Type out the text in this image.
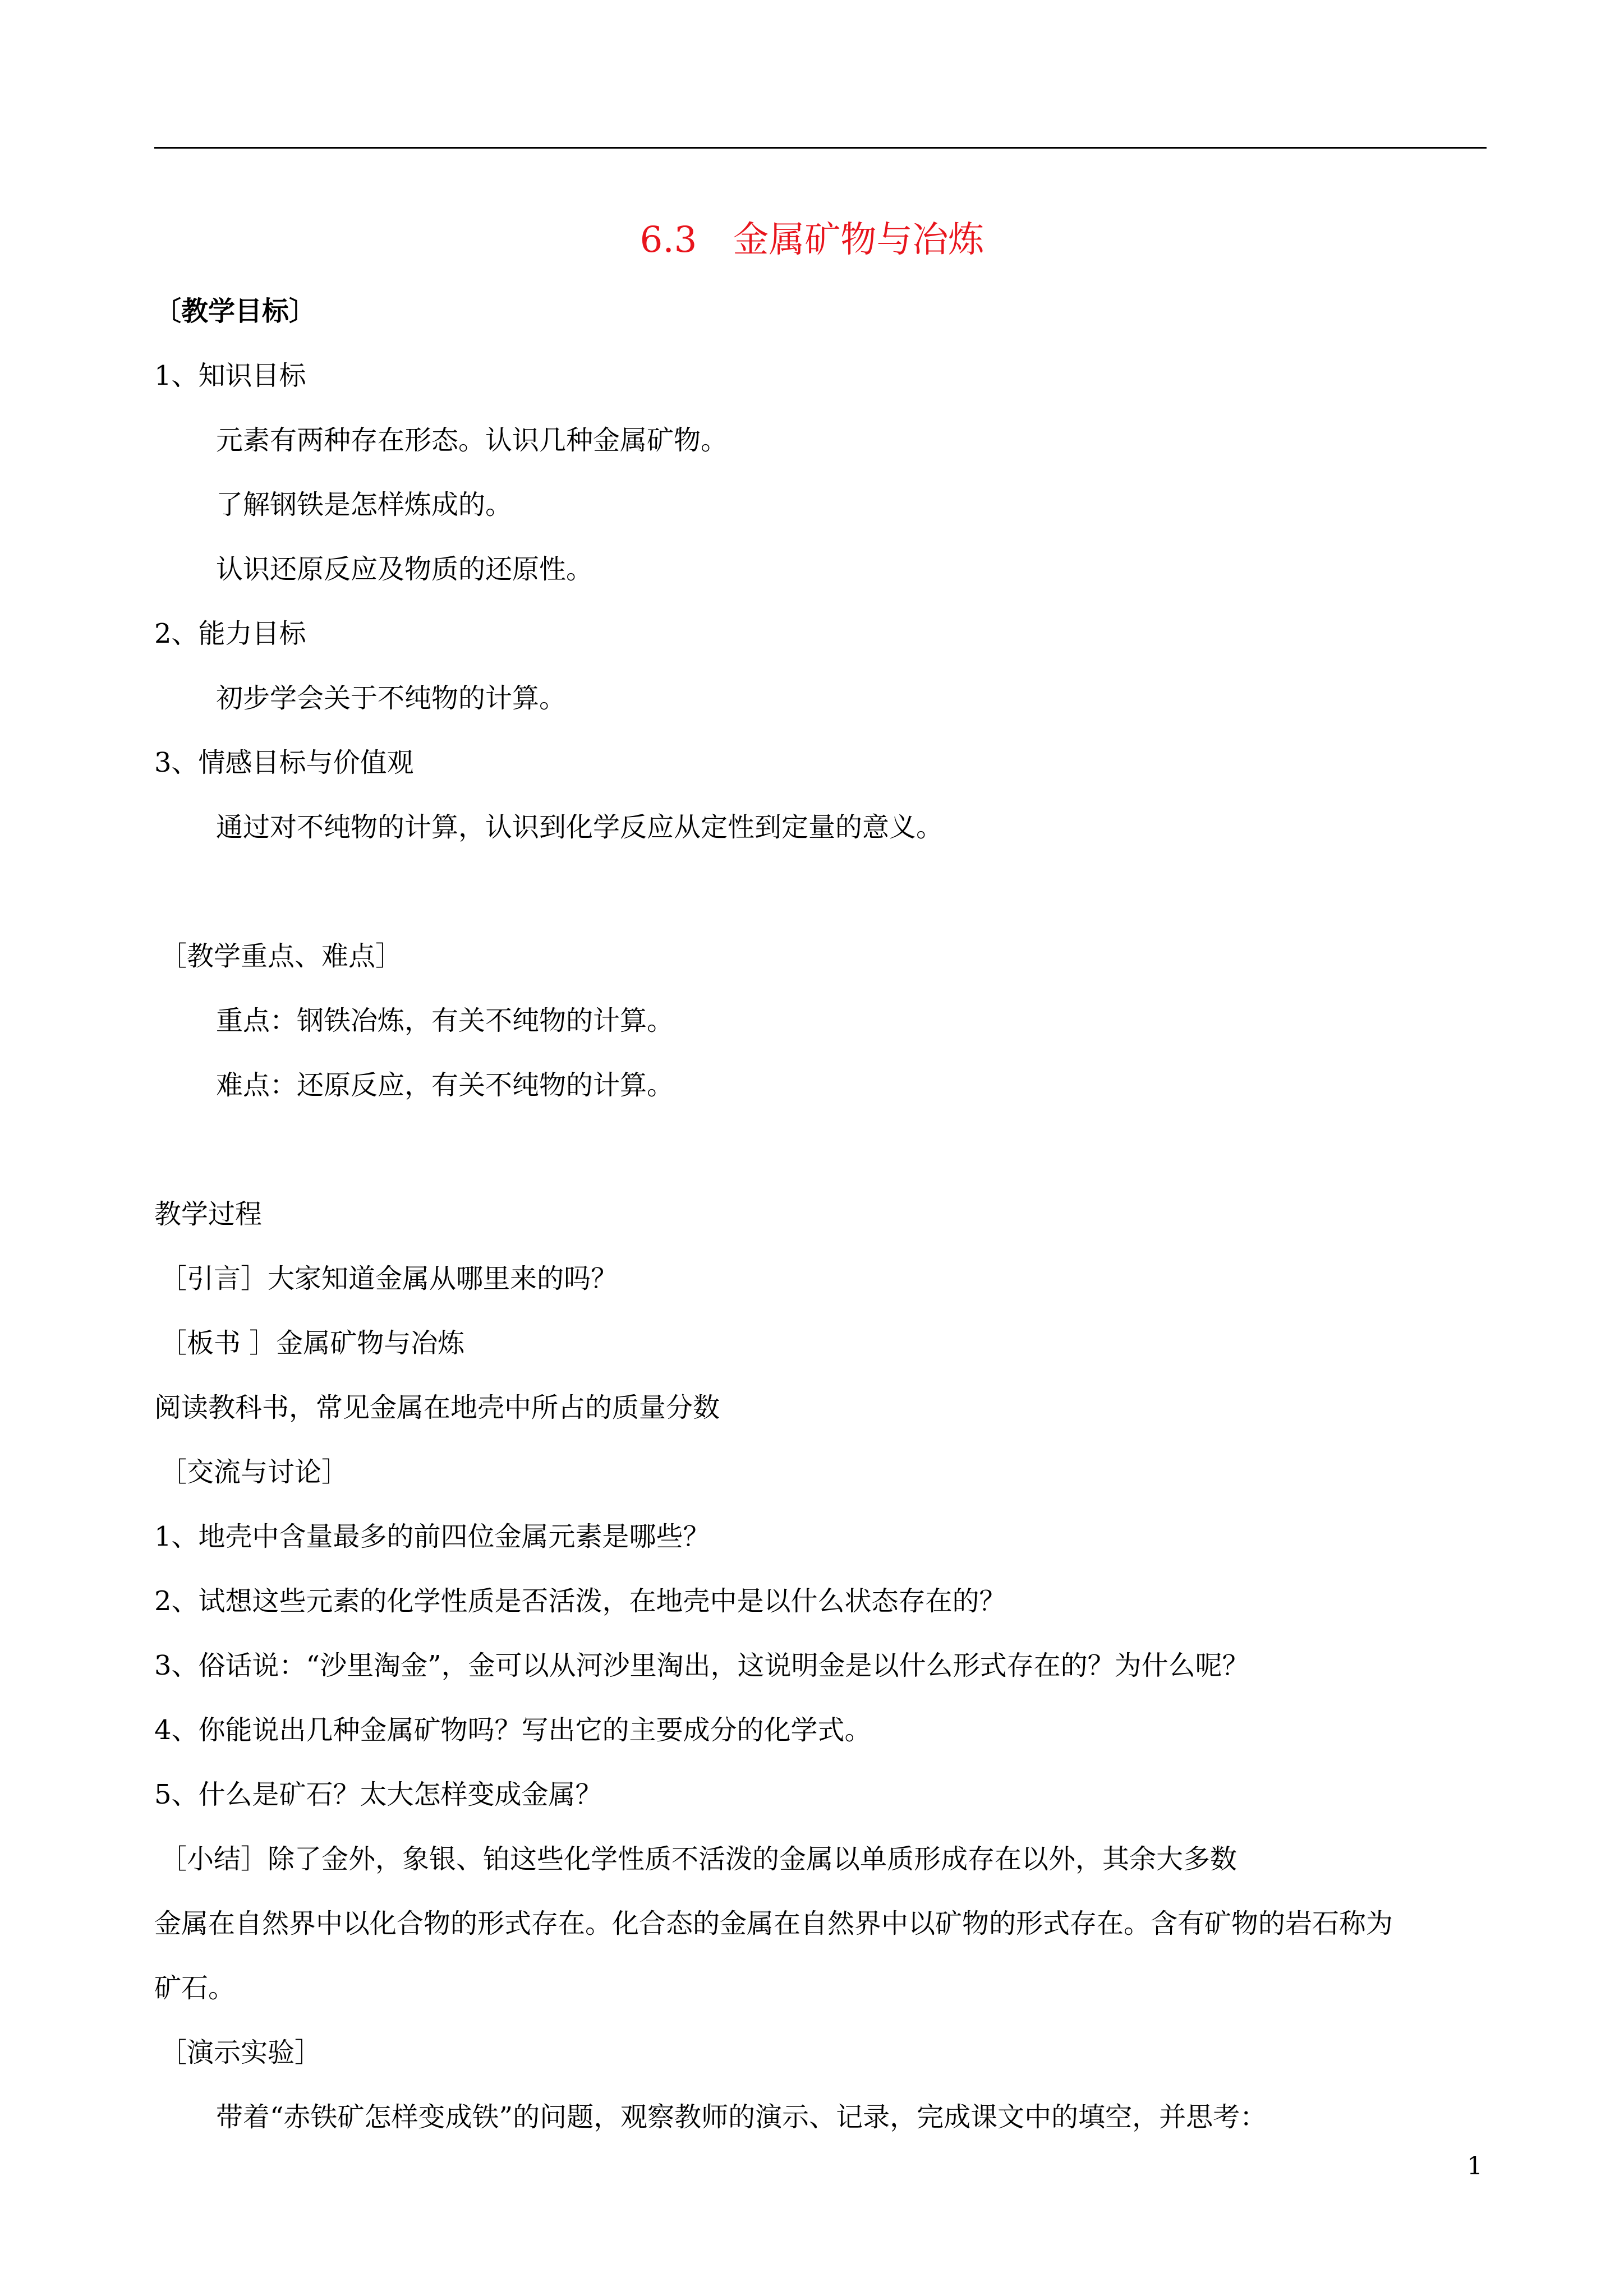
6.3　金属矿物与冶炼
〔教学目标〕
1、知识目标
元素有两种存在形态。认识几种金属矿物。
了解钢铁是怎样炼成的。
认识还原反应及物质的还原性。
2、能力目标
初步学会关于不纯物的计算。
3、情感目标与价值观
通过对不纯物的计算，认识到化学反应从定性到定量的意义。
［教学重点、难点］
重点：钢铁冶炼，有关不纯物的计算。
难点：还原反应，有关不纯物的计算。
教学过程
［引言］大家知道金属从哪里来的吗？
［板书 ］金属矿物与冶炼
阅读教科书，常见金属在地壳中所占的质量分数
［交流与讨论］
1、地壳中含量最多的前四位金属元素是哪些？
2、试想这些元素的化学性质是否活泼，在地壳中是以什么状态存在的？
3、俗话说：“沙里淘金”，金可以从河沙里淘出，这说明金是以什么形式存在的？为什么呢？
4、你能说出几种金属矿物吗？写出它的主要成分的化学式。
5、什么是矿石？太大怎样变成金属？
［小结］除了金外，象银、铂这些化学性质不活泼的金属以单质形成存在以外，其余大多数
金属在自然界中以化合物的形式存在。化合态的金属在自然界中以矿物的形式存在。含有矿物的岩石称为
矿石。
［演示实验］
带着“赤铁矿怎样变成铁”的问题，观察教师的演示、记录，完成课文中的填空，并思考：
1
